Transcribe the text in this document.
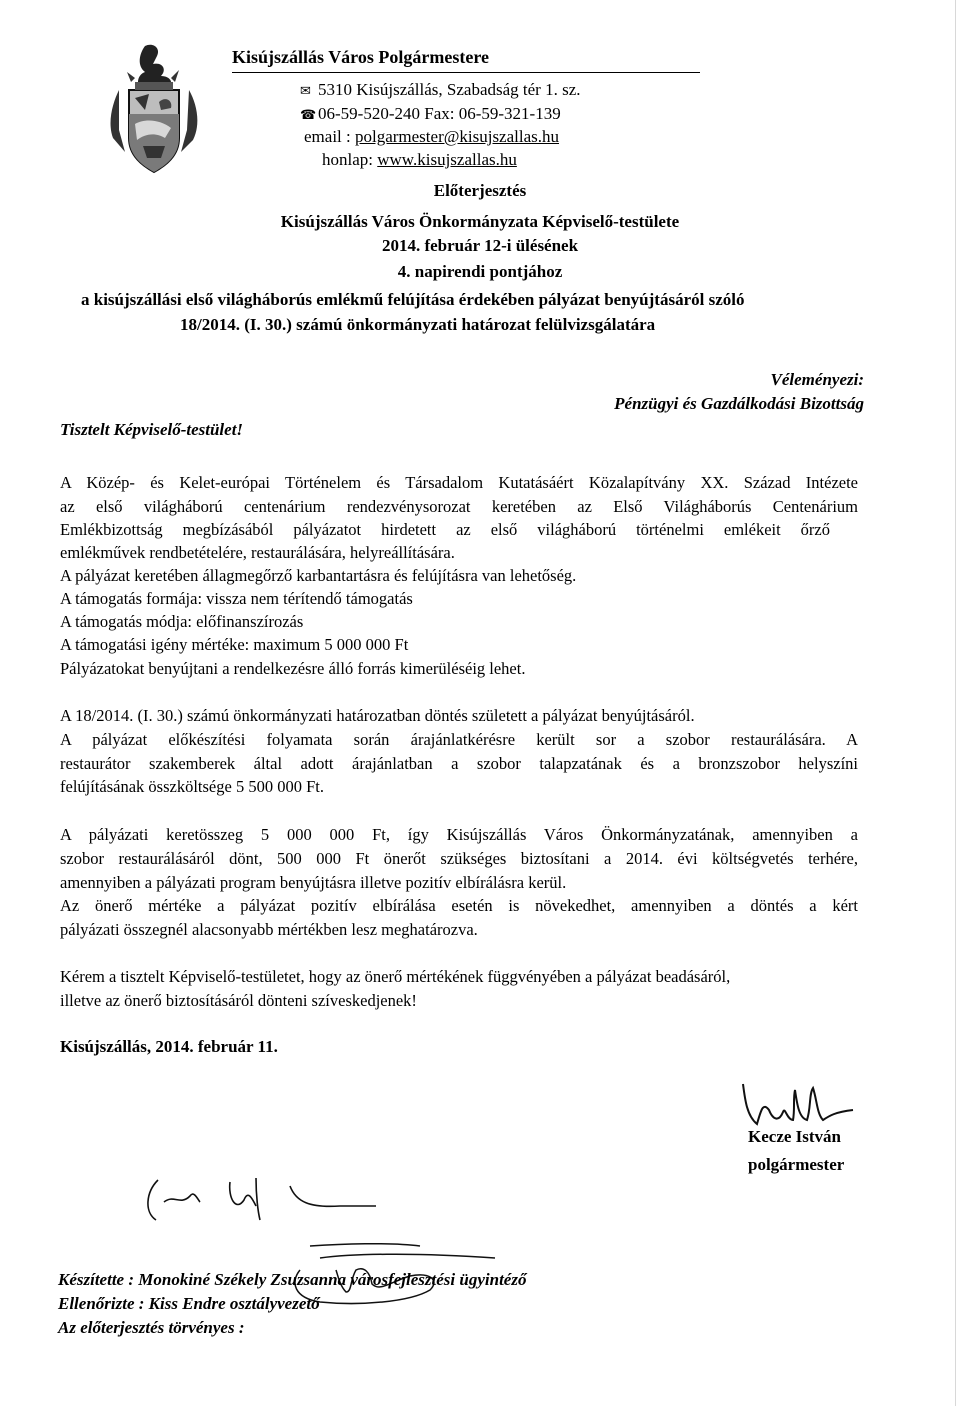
Kisújszállás Város Polgármestere
✉ 5310 Kisújszállás, Szabadság tér 1. sz.
☎ 06-59-520-240 Fax: 06-59-321-139
email : polgarmester@kisujszallas.hu
honlap: www.kisujszallas.hu
Előterjesztés
Kisújszállás Város Önkormányzata Képviselő-testülete
2014. február 12-i ülésének
4. napirendi pontjához
a kisújszállási első világháborús emlékmű felújítása érdekében pályázat benyújtásáról szóló
18/2014. (I. 30.) számú önkormányzati határozat felülvizsgálatára
Véleményezi:
Pénzügyi és Gazdálkodási Bizottság
Tisztelt Képviselő-testület!
A Közép- és Kelet-európai Történelem és Társadalom Kutatásáért Közalapítvány XX. Század Intézete
az első világháború centenárium rendezvénysorozat keretében az Első Világháborús Centenárium
Emlékbizottság megbízásából pályázatot hirdetett az első világháború történelmi emlékeit őrző
emlékművek rendbetételére, restaurálására, helyreállítására.
A pályázat keretében állagmegőrző karbantartásra és felújításra van lehetőség.
A támogatás formája: vissza nem térítendő támogatás
A támogatás módja: előfinanszírozás
A támogatási igény mértéke: maximum 5 000 000 Ft
Pályázatokat benyújtani a rendelkezésre álló forrás kimerüléséig lehet.
A 18/2014. (I. 30.) számú önkormányzati határozatban döntés született a pályázat benyújtásáról.
A pályázat előkészítési folyamata során árajánlatkérésre került sor a szobor restaurálására. A
restaurátor szakemberek által adott árajánlatban a szobor talapzatának és a bronzszobor helyszíni
felújításának összköltsége 5 500 000 Ft.
A pályázati keretösszeg 5 000 000 Ft, így Kisújszállás Város Önkormányzatának, amennyiben a
szobor restaurálásáról dönt, 500 000 Ft önerőt szükséges biztosítani a 2014. évi költségvetés terhére,
amennyiben a pályázati program benyújtásra illetve pozitív elbírálásra kerül.
Az önerő mértéke a pályázat pozitív elbírálása esetén is növekedhet, amennyiben a döntés a kért
pályázati összegnél alacsonyabb mértékben lesz meghatározva.
Kérem a tisztelt Képviselő-testületet, hogy az önerő mértékének függvényében a pályázat beadásáról,
illetve az önerő biztosításáról dönteni szíveskedjenek!
Kisújszállás, 2014. február 11.
Kecze István
polgármester
Készítette : Monokiné Székely Zsuzsanna városfejlesztési ügyintéző
Ellenőrizte : Kiss Endre osztályvezető
Az előterjesztés törvényes :
